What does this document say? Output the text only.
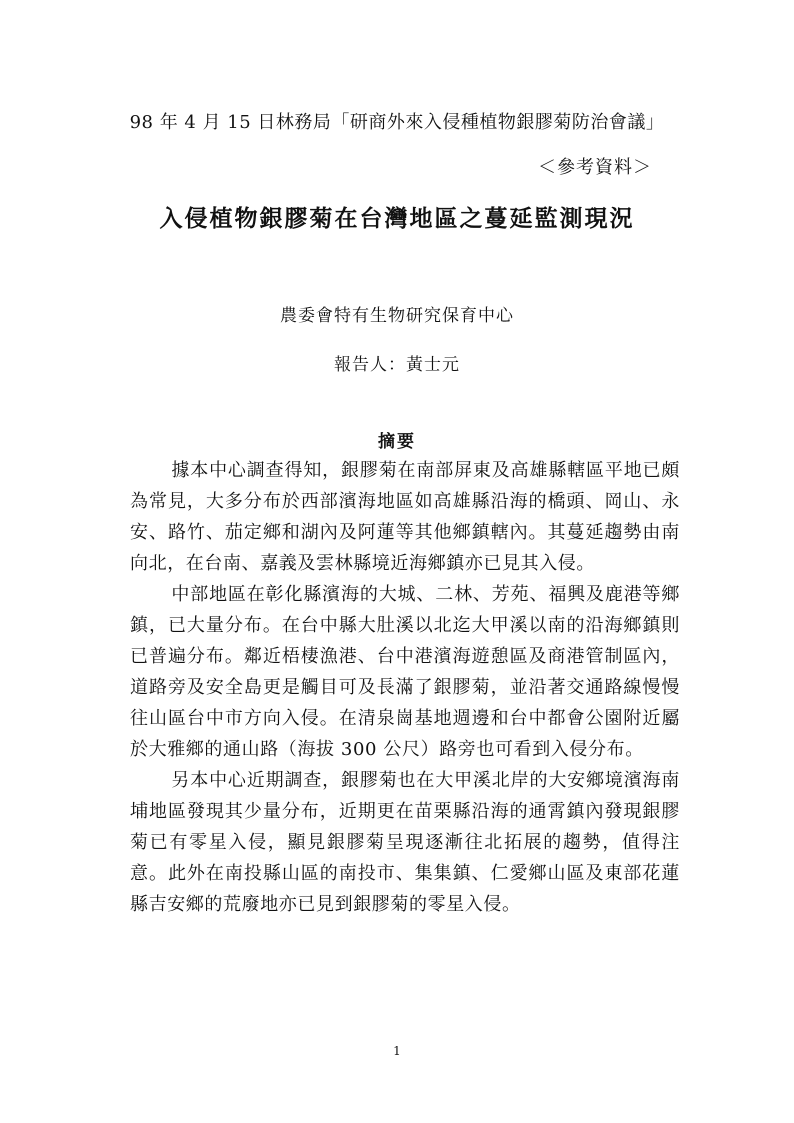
98 年 4 月 15 日林務局「研商外來入侵種植物銀膠菊防治會議」
＜參考資料＞
入侵植物銀膠菊在台灣地區之蔓延監測現況
農委會特有生物研究保育中心
報告人：黃士元
摘要

據本中心調查得知，銀膠菊在南部屏東及高雄縣轄區平地已頗為常見，大多分布於西部濱海地區如高雄縣沿海的橋頭、岡山、永安、路竹、茄定鄉和湖內及阿蓮等其他鄉鎮轄內。其蔓延趨勢由南向北，在台南、嘉義及雲林縣境近海鄉鎮亦已見其入侵。

中部地區在彰化縣濱海的大城、二林、芳苑、福興及鹿港等鄉鎮，已大量分布。在台中縣大肚溪以北迄大甲溪以南的沿海鄉鎮則已普遍分布。鄰近梧棲漁港、台中港濱海遊憩區及商港管制區內，道路旁及安全島更是觸目可及長滿了銀膠菊，並沿著交通路線慢慢往山區台中市方向入侵。在清泉崗基地週邊和台中都會公園附近屬於大雅鄉的通山路（海拔 300 公尺）路旁也可看到入侵分布。

另本中心近期調查，銀膠菊也在大甲溪北岸的大安鄉境濱海南埔地區發現其少量分布，近期更在苗栗縣沿海的通霄鎮內發現銀膠菊已有零星入侵，顯見銀膠菊呈現逐漸往北拓展的趨勢，值得注意。此外在南投縣山區的南投市、集集鎮、仁愛鄉山區及東部花蓮縣吉安鄉的荒廢地亦已見到銀膠菊的零星入侵。

1
